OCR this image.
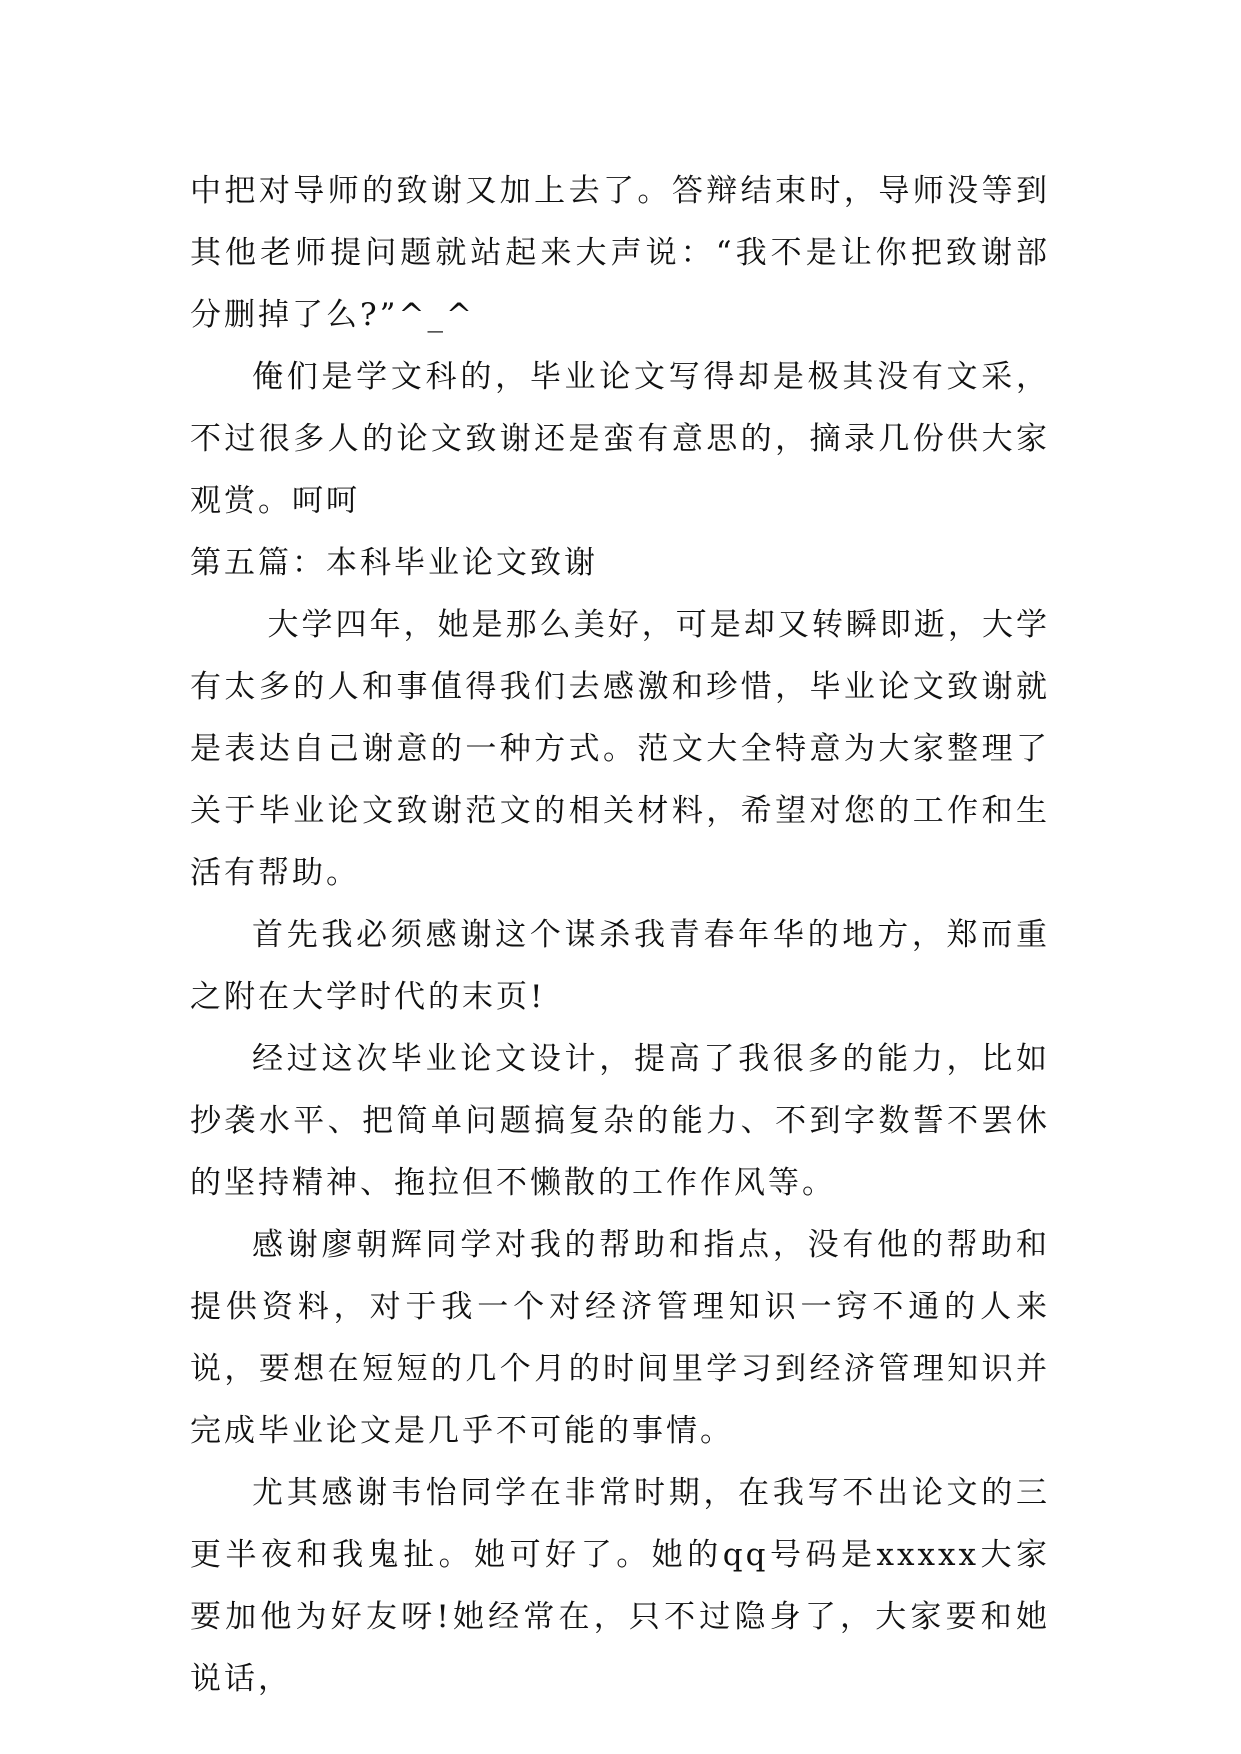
中把对导师的致谢又加上去了。答辩结束时，导师没等到其他老师提问题就站起来大声说：“我不是让你把致谢部分删掉了么?”^_^

俺们是学文科的，毕业论文写得却是极其没有文采，不过很多人的论文致谢还是蛮有意思的，摘录几份供大家观赏。呵呵

第五篇：本科毕业论文致谢

大学四年，她是那么美好，可是却又转瞬即逝，大学有太多的人和事值得我们去感激和珍惜，毕业论文致谢就是表达自己谢意的一种方式。范文大全特意为大家整理了关于毕业论文致谢范文的相关材料，希望对您的工作和生活有帮助。

首先我必须感谢这个谋杀我青春年华的地方，郑而重之附在大学时代的末页!

经过这次毕业论文设计，提高了我很多的能力，比如抄袭水平、把简单问题搞复杂的能力、不到字数誓不罢休的坚持精神、拖拉但不懒散的工作作风等。

感谢廖朝辉同学对我的帮助和指点，没有他的帮助和提供资料，对于我一个对经济管理知识一窍不通的人来说，要想在短短的几个月的时间里学习到经济管理知识并完成毕业论文是几乎不可能的事情。

尤其感谢韦怡同学在非常时期，在我写不出论文的三更半夜和我鬼扯。她可好了。她的qq号码是xxxxx大家要加他为好友呀!她经常在，只不过隐身了，大家要和她说话，
